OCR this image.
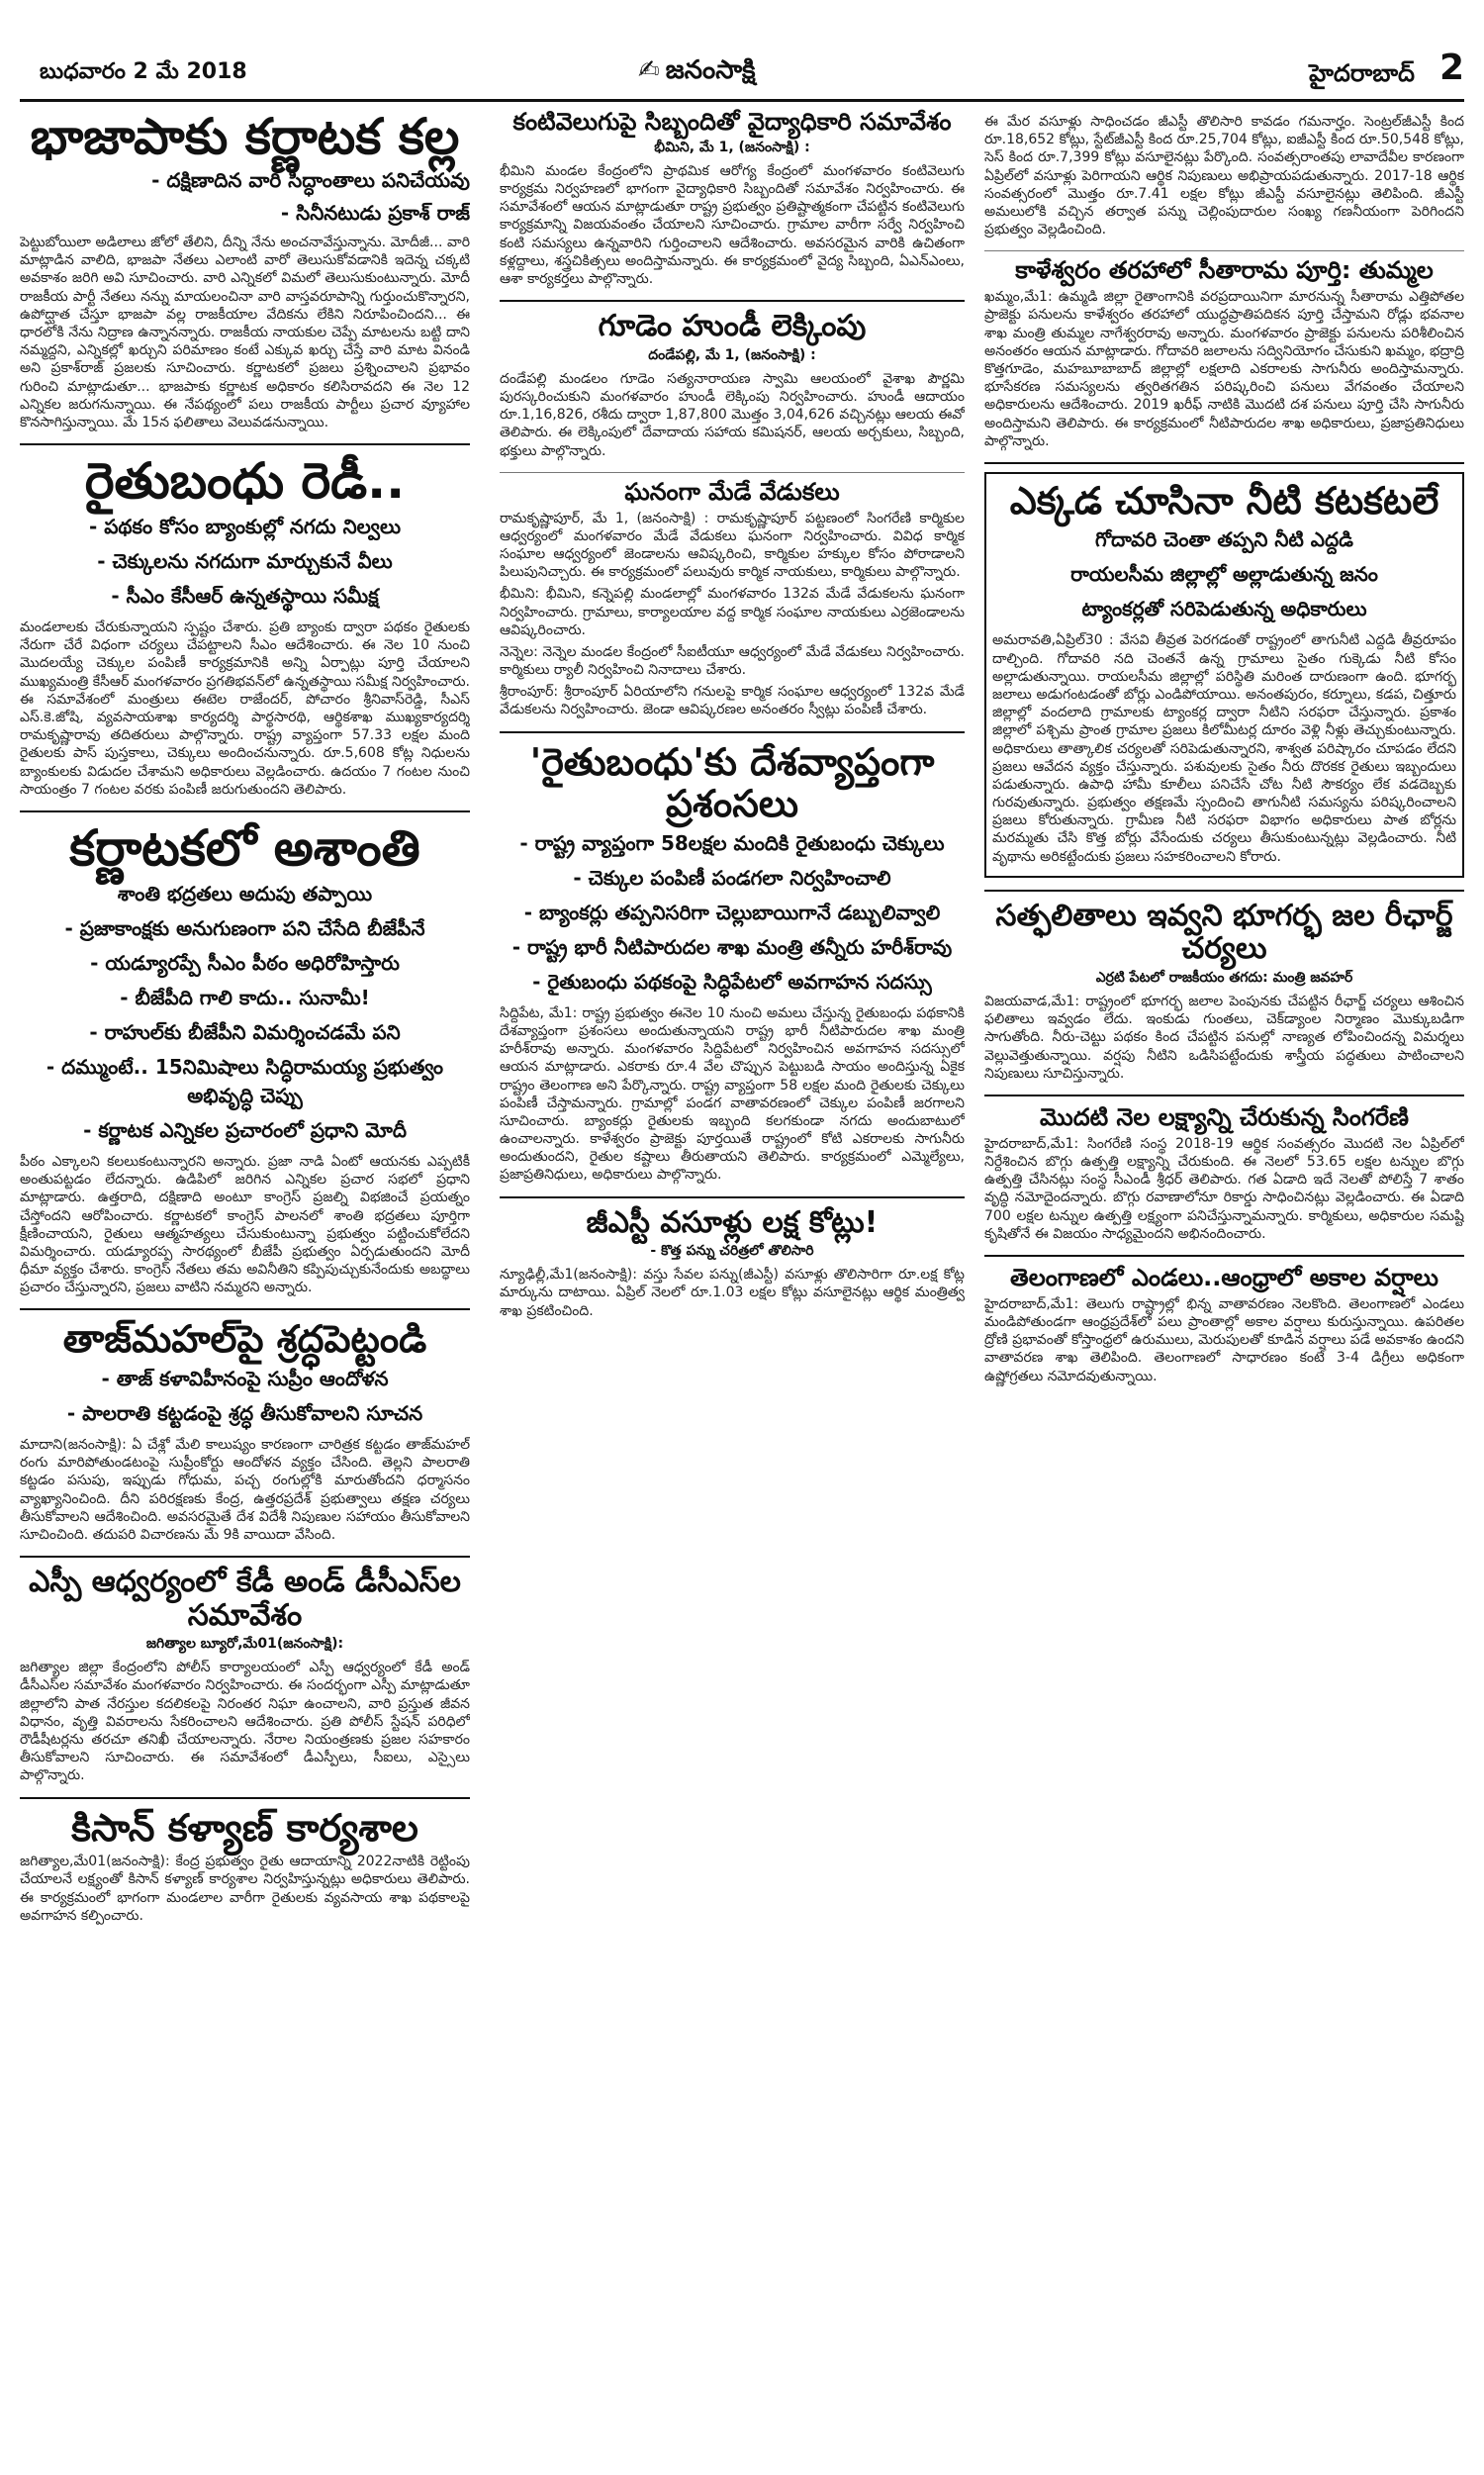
బుధవారం 2 మే 2018	✍ జనంసాక్షి	హైదరాబాద్ 2
భాజాపాకు కర్ణాటక కల్ల
- దక్షిణాదిన వారి సిద్ధాంతాలు పనిచేయవు
- సినీనటుడు ప్రకాశ్ రాజ్

పెట్టుబోయిలా అడిలాలు జోలో తేలిని, దీన్ని నేను అంచనావేస్తున్నాను. మోదీజీ... వారి మాట్లాడిన వాలిది, భాజపా నేతలు ఎలాంటి వారో తెలుసుకోవడానికి ఇదెన్న చక్కటి అవకాశం జరిగి అవి సూచించారు. వారి ఎన్నికలో విమలో తెలుసుకుంటున్నారు. మోదీ రాజకీయ పార్టీ నేతలు నన్ను మాయలంచినా వారి వాస్తవరూపాన్ని గుర్తుంచుకొన్నారని, ఉపోద్ఘాత చేస్తూ భాజపా వల్ల రాజకీయాల వేదికను లేకిని నిరూపించిందని... ఈ ధారలోకి నేను నిద్రాణ ఉన్నానన్నారు. రాజకీయ నాయకుల చెప్పే మాటలను బట్టి దాని నమ్మద్దని, ఎన్నికల్లో ఖర్చుని పరిమాణం కంటే ఎక్కువ ఖర్చు చేస్తే వారి మాట వినండి అని ప్రకాశ్‌రాజ్‌ ప్రజలకు సూచించారు. కర్ణాటకలో ప్రజలు ప్రశ్నించాలని ప్రభావం గురించి మాట్లాడుతూ... భాజపాకు కర్ణాటక అధికారం కలిసిరావదని ఈ నెల 12 ఎన్నికల జరుగనున్నాయి. ఈ నేపథ్యంలో పలు రాజకీయ పార్టీలు ప్రచార వ్యూహాల కొనసాగిస్తున్నాయి. మే 15న ఫలితాలు వెలువడనున్నాయి.

రైతుబంధు రెడీ..
- పథకం కోసం బ్యాంకుల్లో నగదు నిల్వలు
- చెక్కులను నగదుగా మార్చుకునే వీలు
- సీఎం కేసీఆర్ ఉన్నతస్థాయి సమీక్ష

మండలాలకు చేరుకున్నాయని స్పష్టం చేశారు. ప్రతి బ్యాంకు ద్వారా పథకం రైతులకు నేరుగా చేరే విధంగా చర్యలు చేపట్టాలని సీఎం ఆదేశించారు. ఈ నెల 10 నుంచి మొదలయ్యే చెక్కుల పంపిణీ కార్యక్రమానికి అన్ని ఏర్పాట్లు పూర్తి చేయాలని ముఖ్యమంత్రి కేసీఆర్ మంగళవారం ప్రగతిభవన్‌లో ఉన్నతస్థాయి సమీక్ష నిర్వహించారు. ఈ సమావేశంలో మంత్రులు ఈటెల రాజేందర్, పోచారం శ్రీనివాస్‌రెడ్డి, సీఎస్ ఎస్.కె.జోషి, వ్యవసాయశాఖ కార్యదర్శి పార్థసారథి, ఆర్థికశాఖ ముఖ్యకార్యదర్శి రామకృష్ణారావు తదితరులు పాల్గొన్నారు. రాష్ట్ర వ్యాప్తంగా 57.33 లక్షల మంది రైతులకు పాస్ పుస్తకాలు, చెక్కులు అందించనున్నారు. రూ.5,608 కోట్ల నిధులను బ్యాంకులకు విడుదల చేశామని అధికారులు వెల్లడించారు. ఉదయం 7 గంటల నుంచి సాయంత్రం 7 గంటల వరకు పంపిణీ జరుగుతుందని తెలిపారు.

కర్ణాటకలో అశాంతి
శాంతి భద్రతలు అదుపు తప్పాయి
- ప్రజాకాంక్షకు అనుగుణంగా పని చేసేది బీజేపీనే
- యడ్యూరప్పే సీఎం పీఠం అధిరోహిస్తారు
- బీజేపీది గాలి కాదు.. సునామీ!
- రాహుల్‌కు బీజేపీని విమర్శించడమే పని
- దమ్ముంటే.. 15నిమిషాలు సిద్ధిరామయ్య ప్రభుత్వం అభివృద్ధి చెప్పు
- కర్ణాటక ఎన్నికల ప్రచారంలో ప్రధాని మోదీ

పీఠం ఎక్కాలని కలలుకంటున్నారని అన్నారు. ప్రజా నాడి ఏంటో ఆయనకు ఎప్పటికీ అంతుపట్టడం లేదన్నారు. ఉడిపిలో జరిగిన ఎన్నికల ప్రచార సభలో ప్రధాని మాట్లాడారు. ఉత్తరాది, దక్షిణాది అంటూ కాంగ్రెస్ ప్రజల్ని విభజించే ప్రయత్నం చేస్తోందని ఆరోపించారు. కర్ణాటకలో కాంగ్రెస్ పాలనలో శాంతి భద్రతలు పూర్తిగా క్షీణించాయని, రైతులు ఆత్మహత్యలు చేసుకుంటున్నా ప్రభుత్వం పట్టించుకోలేదని విమర్శించారు. యడ్యూరప్ప సారథ్యంలో బీజేపీ ప్రభుత్వం ఏర్పడుతుందని మోదీ ధీమా వ్యక్తం చేశారు. కాంగ్రెస్ నేతలు తమ అవినీతిని కప్పిపుచ్చుకునేందుకు అబద్ధాలు ప్రచారం చేస్తున్నారని, ప్రజలు వాటిని నమ్మరని అన్నారు.

తాజ్‌మహల్‌పై శ్రద్ధపెట్టండి
- తాజ్ కళావిహీనంపై సుప్రీం ఆందోళన
- పాలరాతి కట్టడంపై శ్రద్ధ తీసుకోవాలని సూచన

మాదాని(జనంసాక్షి): ఏ చేశ్లో మేలి కాలుష్యం కారణంగా చారిత్రక కట్టడం తాజ్‌మహల్ రంగు మారిపోతుండటంపై సుప్రీంకోర్టు ఆందోళన వ్యక్తం చేసింది. తెల్లని పాలరాతి కట్టడం పసుపు, ఇప్పుడు గోధుమ, పచ్చ రంగుల్లోకి మారుతోందని ధర్మాసనం వ్యాఖ్యానించింది. దీని పరిరక్షణకు కేంద్ర, ఉత్తరప్రదేశ్ ప్రభుత్వాలు తక్షణ చర్యలు తీసుకోవాలని ఆదేశించింది. అవసరమైతే దేశ విదేశీ నిపుణుల సహాయం తీసుకోవాలని సూచించింది. తదుపరి విచారణను మే 9కి వాయిదా వేసింది.

ఎస్పీ ఆధ్వర్యంలో కేడీ అండ్ డీసీఎస్‌ల సమావేశం
జగిత్యాల బ్యూరో,మే01(జనంసాక్షి):

జగిత్యాల జిల్లా కేంద్రంలోని పోలీస్ కార్యాలయంలో ఎస్పీ ఆధ్వర్యంలో కేడీ అండ్ డీసీఎస్‌ల సమావేశం మంగళవారం నిర్వహించారు. ఈ సందర్భంగా ఎస్పీ మాట్లాడుతూ జిల్లాలోని పాత నేరస్తుల కదలికలపై నిరంతర నిఘా ఉంచాలని, వారి ప్రస్తుత జీవన విధానం, వృత్తి వివరాలను సేకరించాలని ఆదేశించారు. ప్రతి పోలీస్ స్టేషన్ పరిధిలో రౌడీషీటర్లను తరచూ తనిఖీ చేయాలన్నారు. నేరాల నియంత్రణకు ప్రజల సహకారం తీసుకోవాలని సూచించారు. ఈ సమావేశంలో డీఎస్పీలు, సీఐలు, ఎస్సైలు పాల్గొన్నారు.

కిసాన్ కళ్యాణ్ కార్యశాల

జగిత్యాల,మే01(జనంసాక్షి): కేంద్ర ప్రభుత్వం రైతు ఆదాయాన్ని 2022నాటికి రెట్టింపు చేయాలనే లక్ష్యంతో కిసాన్ కళ్యాణ్ కార్యశాల నిర్వహిస్తున్నట్లు అధికారులు తెలిపారు. ఈ కార్యక్రమంలో భాగంగా మండలాల వారీగా రైతులకు వ్యవసాయ శాఖ పథకాలపై అవగాహన కల్పించారు.

కంటివెలుగుపై సిబ్బందితో వైద్యాధికారి సమావేశం
భీమిని, మే 1, (జనంసాక్షి) :

భీమిని మండల కేంద్రంలోని ప్రాథమిక ఆరోగ్య కేంద్రంలో మంగళవారం కంటివెలుగు కార్యక్రమ నిర్వహణలో భాగంగా వైద్యాధికారి సిబ్బందితో సమావేశం నిర్వహించారు. ఈ సమావేశంలో ఆయన మాట్లాడుతూ రాష్ట్ర ప్రభుత్వం ప్రతిష్టాత్మకంగా చేపట్టిన కంటివెలుగు కార్యక్రమాన్ని విజయవంతం చేయాలని సూచించారు. గ్రామాల వారీగా సర్వే నిర్వహించి కంటి సమస్యలు ఉన్నవారిని గుర్తించాలని ఆదేశించారు. అవసరమైన వారికి ఉచితంగా కళ్లద్దాలు, శస్త్రచికిత్సలు అందిస్తామన్నారు. ఈ కార్యక్రమంలో వైద్య సిబ్బంది, ఏఎన్ఎంలు, ఆశా కార్యకర్తలు పాల్గొన్నారు.

గూడెం హుండీ లెక్కింపు
దండేపల్లి, మే 1, (జనంసాక్షి) :

దండేపల్లి మండలం గూడెం సత్యనారాయణ స్వామి ఆలయంలో వైశాఖ పౌర్ణమి పురస్కరించుకుని మంగళవారం హుండీ లెక్కింపు నిర్వహించారు. హుండీ ఆదాయం రూ.1,16,826, రశీదు ద్వారా 1,87,800 మొత్తం 3,04,626 వచ్చినట్లు ఆలయ ఈవో తెలిపారు. ఈ లెక్కింపులో దేవాదాయ సహాయ కమిషనర్, ఆలయ అర్చకులు, సిబ్బంది, భక్తులు పాల్గొన్నారు.

ఘనంగా మేడే వేడుకలు

రామకృష్ణాపూర్, మే 1, (జనంసాక్షి) : రామకృష్ణాపూర్ పట్టణంలో సింగరేణి కార్మికుల ఆధ్వర్యంలో మంగళవారం మేడే వేడుకలు ఘనంగా నిర్వహించారు. వివిధ కార్మిక సంఘాల ఆధ్వర్యంలో జెండాలను ఆవిష్కరించి, కార్మికుల హక్కుల కోసం పోరాడాలని పిలుపునిచ్చారు. ఈ కార్యక్రమంలో పలువురు కార్మిక నాయకులు, కార్మికులు పాల్గొన్నారు.

భీమిని: భీమిని, కన్నెపల్లి మండలాల్లో మంగళవారం 132వ మేడే వేడుకలను ఘనంగా నిర్వహించారు. గ్రామాలు, కార్యాలయాల వద్ద కార్మిక సంఘాల నాయకులు ఎర్రజెండాలను ఆవిష్కరించారు.

నెన్నెల: నెన్నెల మండల కేంద్రంలో సీఐటీయూ ఆధ్వర్యంలో మేడే వేడుకలు నిర్వహించారు. కార్మికులు ర్యాలీ నిర్వహించి నినాదాలు చేశారు.

శ్రీరాంపూర్: శ్రీరాంపూర్ ఏరియాలోని గనులపై కార్మిక సంఘాల ఆధ్వర్యంలో 132వ మేడే వేడుకలను నిర్వహించారు. జెండా ఆవిష్కరణల అనంతరం స్వీట్లు పంపిణీ చేశారు.

'రైతుబంధు'కు దేశవ్యాప్తంగా ప్రశంసలు
- రాష్ట్ర వ్యాప్తంగా 58లక్షల మందికి రైతుబంధు చెక్కులు
- చెక్కుల పంపిణీ పండగలా నిర్వహించాలి
- బ్యాంకర్లు తప్పనిసరిగా చెల్లుబాయిగానే డబ్బులివ్వాలి
- రాష్ట్ర భారీ నీటిపారుదల శాఖ మంత్రి తన్నీరు హరీశ్‌రావు
- రైతుబంధు పథకంపై సిద్ధిపేటలో అవగాహన సదస్సు

సిద్దిపేట, మే1: రాష్ట్ర ప్రభుత్వం ఈనెల 10 నుంచి అమలు చేస్తున్న రైతుబంధు పథకానికి దేశవ్యాప్తంగా ప్రశంసలు అందుతున్నాయని రాష్ట్ర భారీ నీటిపారుదల శాఖ మంత్రి హరీశ్‌రావు అన్నారు. మంగళవారం సిద్దిపేటలో నిర్వహించిన అవగాహన సదస్సులో ఆయన మాట్లాడారు. ఎకరాకు రూ.4 వేల చొప్పున పెట్టుబడి సాయం అందిస్తున్న ఏకైక రాష్ట్రం తెలంగాణ అని పేర్కొన్నారు. రాష్ట్ర వ్యాప్తంగా 58 లక్షల మంది రైతులకు చెక్కులు పంపిణీ చేస్తామన్నారు. గ్రామాల్లో పండగ వాతావరణంలో చెక్కుల పంపిణీ జరగాలని సూచించారు. బ్యాంకర్లు రైతులకు ఇబ్బంది కలగకుండా నగదు అందుబాటులో ఉంచాలన్నారు. కాళేశ్వరం ప్రాజెక్టు పూర్తయితే రాష్ట్రంలో కోటి ఎకరాలకు సాగునీరు అందుతుందని, రైతుల కష్టాలు తీరుతాయని తెలిపారు. కార్యక్రమంలో ఎమ్మెల్యేలు, ప్రజాప్రతినిధులు, అధికారులు పాల్గొన్నారు.

జీఎస్టీ వసూళ్లు లక్ష కోట్లు!
- కొత్త పన్ను చరిత్రలో తొలిసారి

న్యూఢిల్లీ,మే1(జనంసాక్షి): వస్తు సేవల పన్ను(జీఎస్టీ) వసూళ్లు తొలిసారిగా రూ.లక్ష కోట్ల మార్కును దాటాయి. ఏప్రిల్ నెలలో రూ.1.03 లక్షల కోట్లు వసూలైనట్లు ఆర్థిక మంత్రిత్వ శాఖ ప్రకటించింది.

ఈ మేర వసూళ్లు సాధించడం జీఎస్టీ తొలిసారి కావడం గమనార్హం. సెంట్రల్‌జీఎస్టీ కింద రూ.18,652 కోట్లు, స్టేట్‌జీఎస్టీ కింద రూ.25,704 కోట్లు, ఐజీఎస్టీ కింద రూ.50,548 కోట్లు, సెస్ కింద రూ.7,399 కోట్లు వసూలైనట్లు పేర్కొంది. సంవత్సరాంతపు లావాదేవీల కారణంగా ఏప్రిల్‌లో వసూళ్లు పెరిగాయని ఆర్థిక నిపుణులు అభిప్రాయపడుతున్నారు. 2017-18 ఆర్థిక సంవత్సరంలో మొత్తం రూ.7.41 లక్షల కోట్లు జీఎస్టీ వసూలైనట్లు తెలిపింది. జీఎస్టీ అమలులోకి వచ్చిన తర్వాత పన్ను చెల్లింపుదారుల సంఖ్య గణనీయంగా పెరిగిందని ప్రభుత్వం వెల్లడించింది.

కాళేశ్వరం తరహాలో సీతారామ పూర్తి: తుమ్మల

ఖమ్మం,మే1: ఉమ్మడి జిల్లా రైతాంగానికి వరప్రదాయినిగా మారనున్న సీతారామ ఎత్తిపోతల ప్రాజెక్టు పనులను కాళేశ్వరం తరహాలో యుద్ధప్రాతిపదికన పూర్తి చేస్తామని రోడ్లు భవనాల శాఖ మంత్రి తుమ్మల నాగేశ్వరరావు అన్నారు. మంగళవారం ప్రాజెక్టు పనులను పరిశీలించిన అనంతరం ఆయన మాట్లాడారు. గోదావరి జలాలను సద్వినియోగం చేసుకుని ఖమ్మం, భద్రాద్రి కొత్తగూడెం, మహబూబాబాద్ జిల్లాల్లో లక్షలాది ఎకరాలకు సాగునీరు అందిస్తామన్నారు. భూసేకరణ సమస్యలను త్వరితగతిన పరిష్కరించి పనులు వేగవంతం చేయాలని అధికారులను ఆదేశించారు. 2019 ఖరీఫ్ నాటికి మొదటి దశ పనులు పూర్తి చేసి సాగునీరు అందిస్తామని తెలిపారు. ఈ కార్యక్రమంలో నీటిపారుదల శాఖ అధికారులు, ప్రజాప్రతినిధులు పాల్గొన్నారు.

ఎక్కడ చూసినా నీటి కటకటలే
గోదావరి చెంతా తప్పని నీటి ఎద్దడి
రాయలసీమ జిల్లాల్లో అల్లాడుతున్న జనం
ట్యాంకర్లతో సరిపెడుతున్న అధికారులు

అమరావతి,ఏప్రిల్30 : వేసవి తీవ్రత పెరగడంతో రాష్ట్రంలో తాగునీటి ఎద్దడి తీవ్రరూపం దాల్చింది. గోదావరి నది చెంతనే ఉన్న గ్రామాలు సైతం గుక్కెడు నీటి కోసం అల్లాడుతున్నాయి. రాయలసీమ జిల్లాల్లో పరిస్థితి మరింత దారుణంగా ఉంది. భూగర్భ జలాలు అడుగంటడంతో బోర్లు ఎండిపోయాయి. అనంతపురం, కర్నూలు, కడప, చిత్తూరు జిల్లాల్లో వందలాది గ్రామాలకు ట్యాంకర్ల ద్వారా నీటిని సరఫరా చేస్తున్నారు. ప్రకాశం జిల్లాలో పశ్చిమ ప్రాంత గ్రామాల ప్రజలు కిలోమీటర్ల దూరం వెళ్లి నీళ్లు తెచ్చుకుంటున్నారు. అధికారులు తాత్కాలిక చర్యలతో సరిపెడుతున్నారని, శాశ్వత పరిష్కారం చూపడం లేదని ప్రజలు ఆవేదన వ్యక్తం చేస్తున్నారు. పశువులకు సైతం నీరు దొరకక రైతులు ఇబ్బందులు పడుతున్నారు. ఉపాధి హామీ కూలీలు పనిచేసే చోట నీటి సౌకర్యం లేక వడదెబ్బకు గురవుతున్నారు. ప్రభుత్వం తక్షణమే స్పందించి తాగునీటి సమస్యను పరిష్కరించాలని ప్రజలు కోరుతున్నారు. గ్రామీణ నీటి సరఫరా విభాగం అధికారులు పాత బోర్లను మరమ్మతు చేసి కొత్త బోర్లు వేసేందుకు చర్యలు తీసుకుంటున్నట్లు వెల్లడించారు. నీటి వృథాను అరికట్టేందుకు ప్రజలు సహకరించాలని కోరారు.

సత్ఫలితాలు ఇవ్వని భూగర్భ జల రీఛార్జ్ చర్యలు
ఎర్రటి పేటలో రాజకీయం తగదు: మంత్రి జవహర్

విజయవాడ,మే1: రాష్ట్రంలో భూగర్భ జలాల పెంపునకు చేపట్టిన రీఛార్జ్ చర్యలు ఆశించిన ఫలితాలు ఇవ్వడం లేదు. ఇంకుడు గుంతలు, చెక్‌డ్యాంల నిర్మాణం మొక్కుబడిగా సాగుతోంది. నీరు-చెట్టు పథకం కింద చేపట్టిన పనుల్లో నాణ్యత లోపించిందన్న విమర్శలు వెల్లువెత్తుతున్నాయి. వర్షపు నీటిని ఒడిసిపట్టేందుకు శాస్త్రీయ పద్ధతులు పాటించాలని నిపుణులు సూచిస్తున్నారు.

మొదటి నెల లక్ష్యాన్ని చేరుకున్న సింగరేణి

హైదరాబాద్,మే1: సింగరేణి సంస్థ 2018-19 ఆర్థిక సంవత్సరం మొదటి నెల ఏప్రిల్‌లో నిర్దేశించిన బొగ్గు ఉత్పత్తి లక్ష్యాన్ని చేరుకుంది. ఈ నెలలో 53.65 లక్షల టన్నుల బొగ్గు ఉత్పత్తి చేసినట్లు సంస్థ సీఎండీ శ్రీధర్ తెలిపారు. గత ఏడాది ఇదే నెలతో పోలిస్తే 7 శాతం వృద్ధి నమోదైందన్నారు. బొగ్గు రవాణాలోనూ రికార్డు సాధించినట్లు వెల్లడించారు. ఈ ఏడాది 700 లక్షల టన్నుల ఉత్పత్తి లక్ష్యంగా పనిచేస్తున్నామన్నారు. కార్మికులు, అధికారుల సమష్టి కృషితోనే ఈ విజయం సాధ్యమైందని అభినందించారు.

తెలంగాణలో ఎండలు..ఆంధ్రాలో అకాల వర్షాలు

హైదరాబాద్‌,మే1: తెలుగు రాష్ట్రాల్లో భిన్న వాతావరణం నెలకొంది. తెలంగాణలో ఎండలు మండిపోతుండగా ఆంధ్రప్రదేశ్‌లో పలు ప్రాంతాల్లో అకాల వర్షాలు కురుస్తున్నాయి. ఉపరితల ద్రోణి ప్రభావంతో కోస్తాంధ్రలో ఉరుములు, మెరుపులతో కూడిన వర్షాలు పడే అవకాశం ఉందని వాతావరణ శాఖ తెలిపింది. తెలంగాణలో సాధారణం కంటే 3-4 డిగ్రీలు అధికంగా ఉష్ణోగ్రతలు నమోదవుతున్నాయి.
